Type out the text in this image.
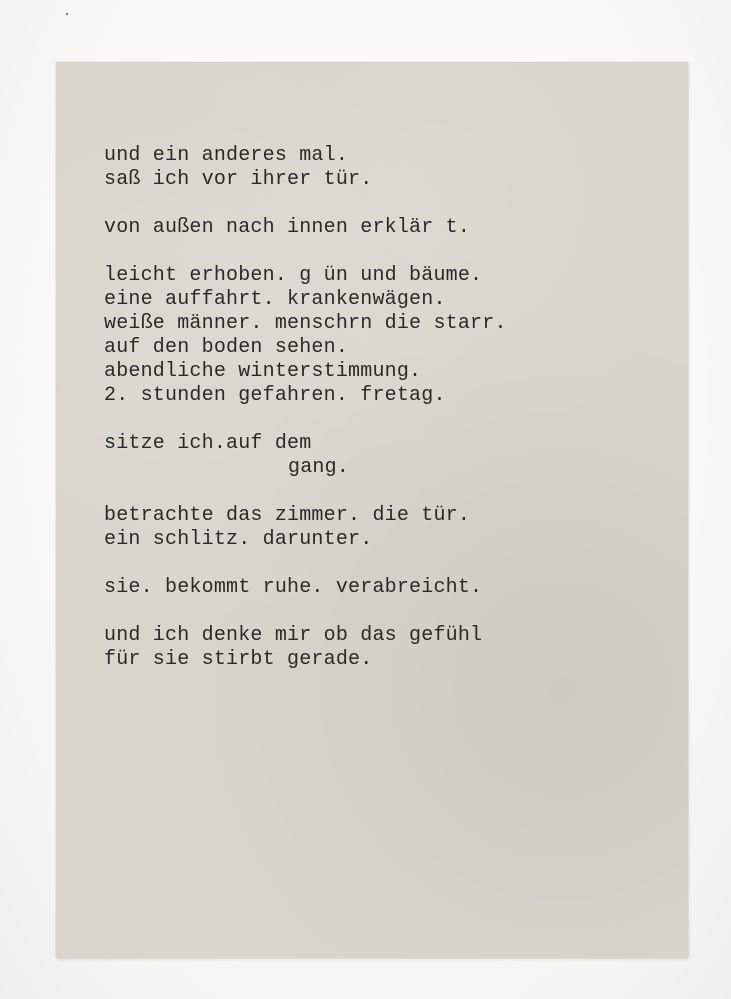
und ein anderes mal.
saß ich vor ihrer tür.
von außen nach innen erklär t.
leicht erhoben. g ün und bäume.
eine auffahrt. krankenwägen.
weiße männer. menschrn die starr.
auf den boden sehen.
abendliche winterstimmung.
2. stunden gefahren. fretag.
sitze ich.auf dem
gang.
betrachte das zimmer. die tür.
ein schlitz. darunter.
sie. bekommt ruhe. verabreicht.
und ich denke mir ob das gefühl
für sie stirbt gerade.
